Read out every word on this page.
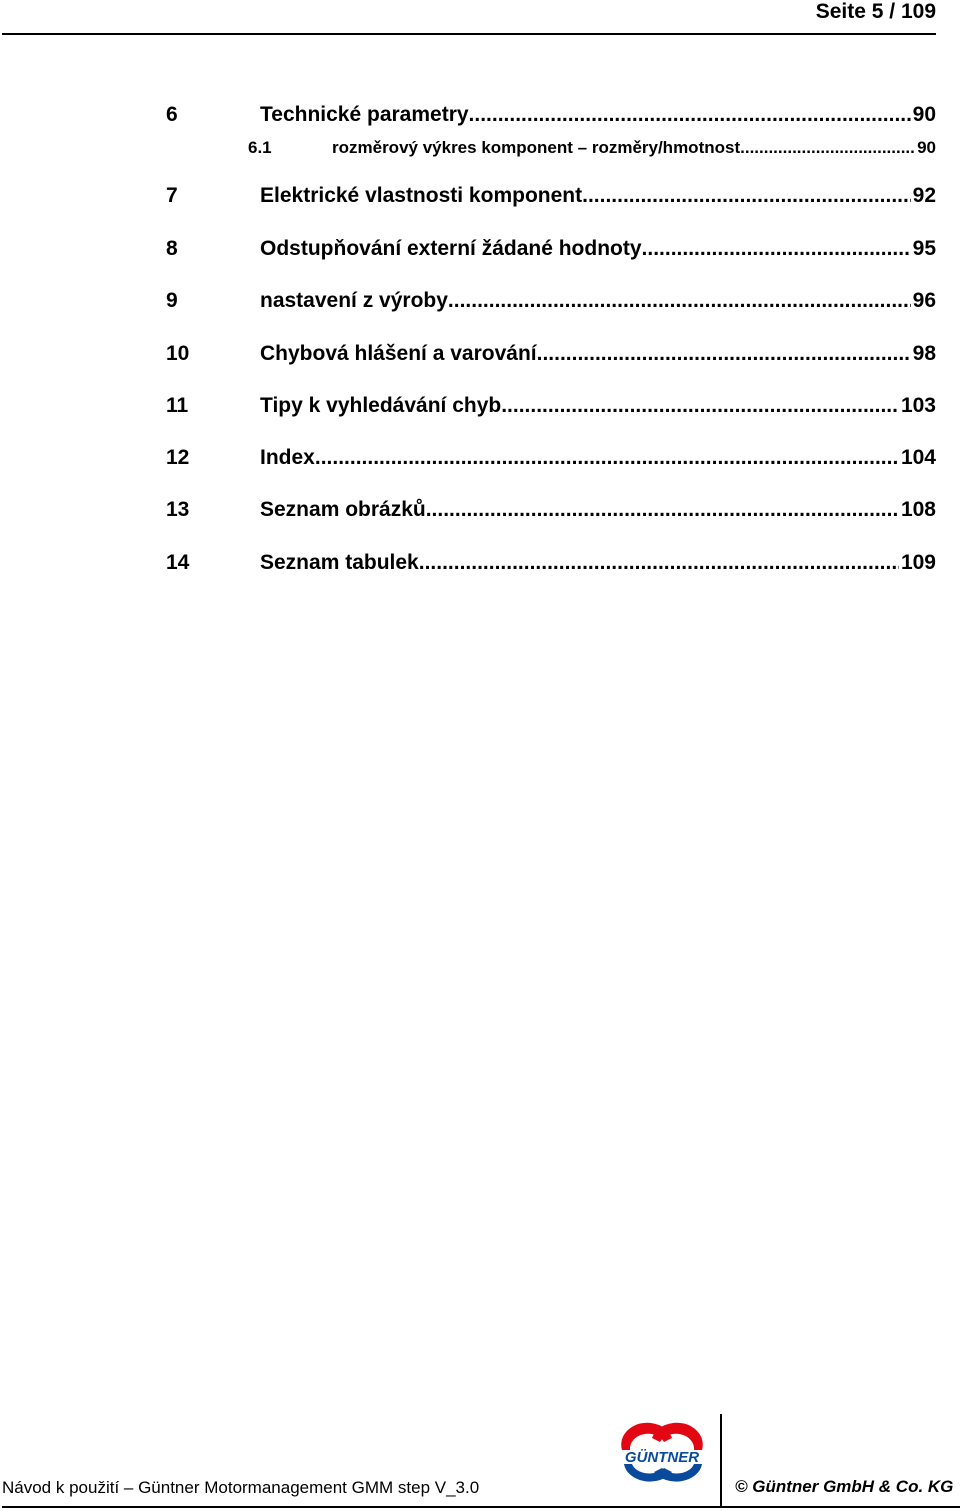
Seite 5 / 109
6	Technické parametry .....	90
6.1	rozměrový výkres komponent – rozměry/hmotnost .....	90
7	Elektrické vlastnosti komponent .....	92
8	Odstupňování externí žádané hodnoty .....	95
9	nastavení z výroby .....	96
10	Chybová hlášení a varování .....	98
11	Tipy k vyhledávání chyb .....	103
12	Index .....	104
13	Seznam obrázků .....	108
14	Seznam tabulek .....	109
Návod k použití – Güntner Motormanagement GMM step V_3.0
GÜNTNER
© Güntner GmbH & Co. KG
